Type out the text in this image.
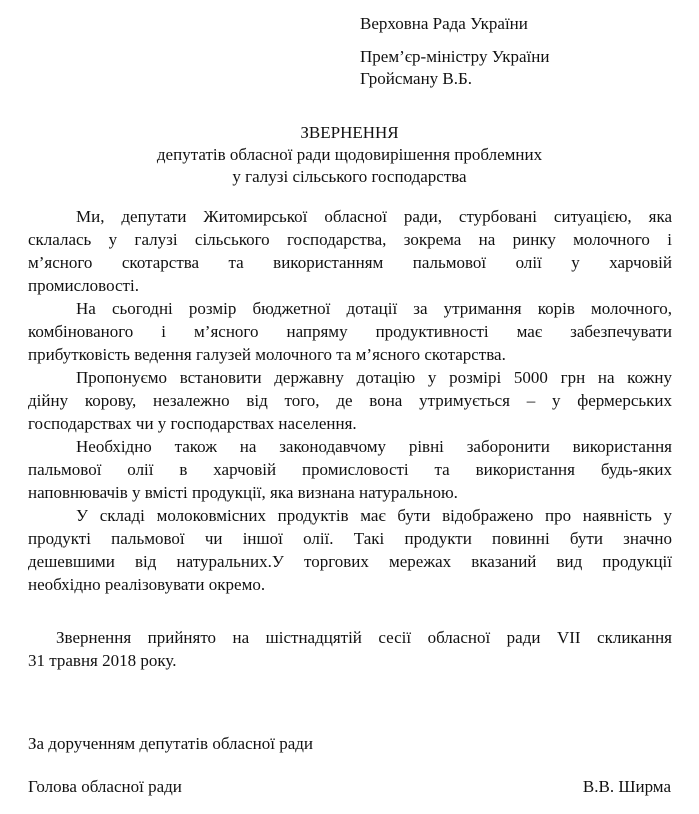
Верховна Рада України
Прем’єр-міністру України
Гройсману В.Б.
ЗВЕРНЕННЯ
депутатів обласної ради щодовирішення проблемних
у галузі сільського господарства
Ми, депутати Житомирської обласної ради, стурбовані ситуацією, яка
склалась у галузі сільського господарства, зокрема на ринку молочного і
м’ясного скотарства та використанням пальмової олії у харчовій
промисловості.
На сьогодні розмір бюджетної дотації за утримання корів молочного,
комбінованого і м’ясного напряму продуктивності має забезпечувати
прибутковість ведення галузей молочного та м’ясного скотарства.
Пропонуємо встановити державну дотацію у розмірі 5000 грн на кожну
дійну корову, незалежно від того, де вона утримується – у фермерських
господарствах чи у господарствах населення.
Необхідно також на законодавчому рівні заборонити використання
пальмової олії в харчовій промисловості та використання будь-яких
наповнювачів у вмісті продукції, яка визнана натуральною.
У складі молоковмісних продуктів має бути відображено про наявність у
продукті пальмової чи іншої олії. Такі продукти повинні бути значно
дешевшими від натуральних.У торгових мережах вказаний вид продукції
необхідно реалізовувати окремо.
Звернення прийнято на шістнадцятій сесії обласної ради VII скликання
31 травня 2018 року.
За дорученням депутатів обласної ради
Голова обласної ради	В.В. Ширма
